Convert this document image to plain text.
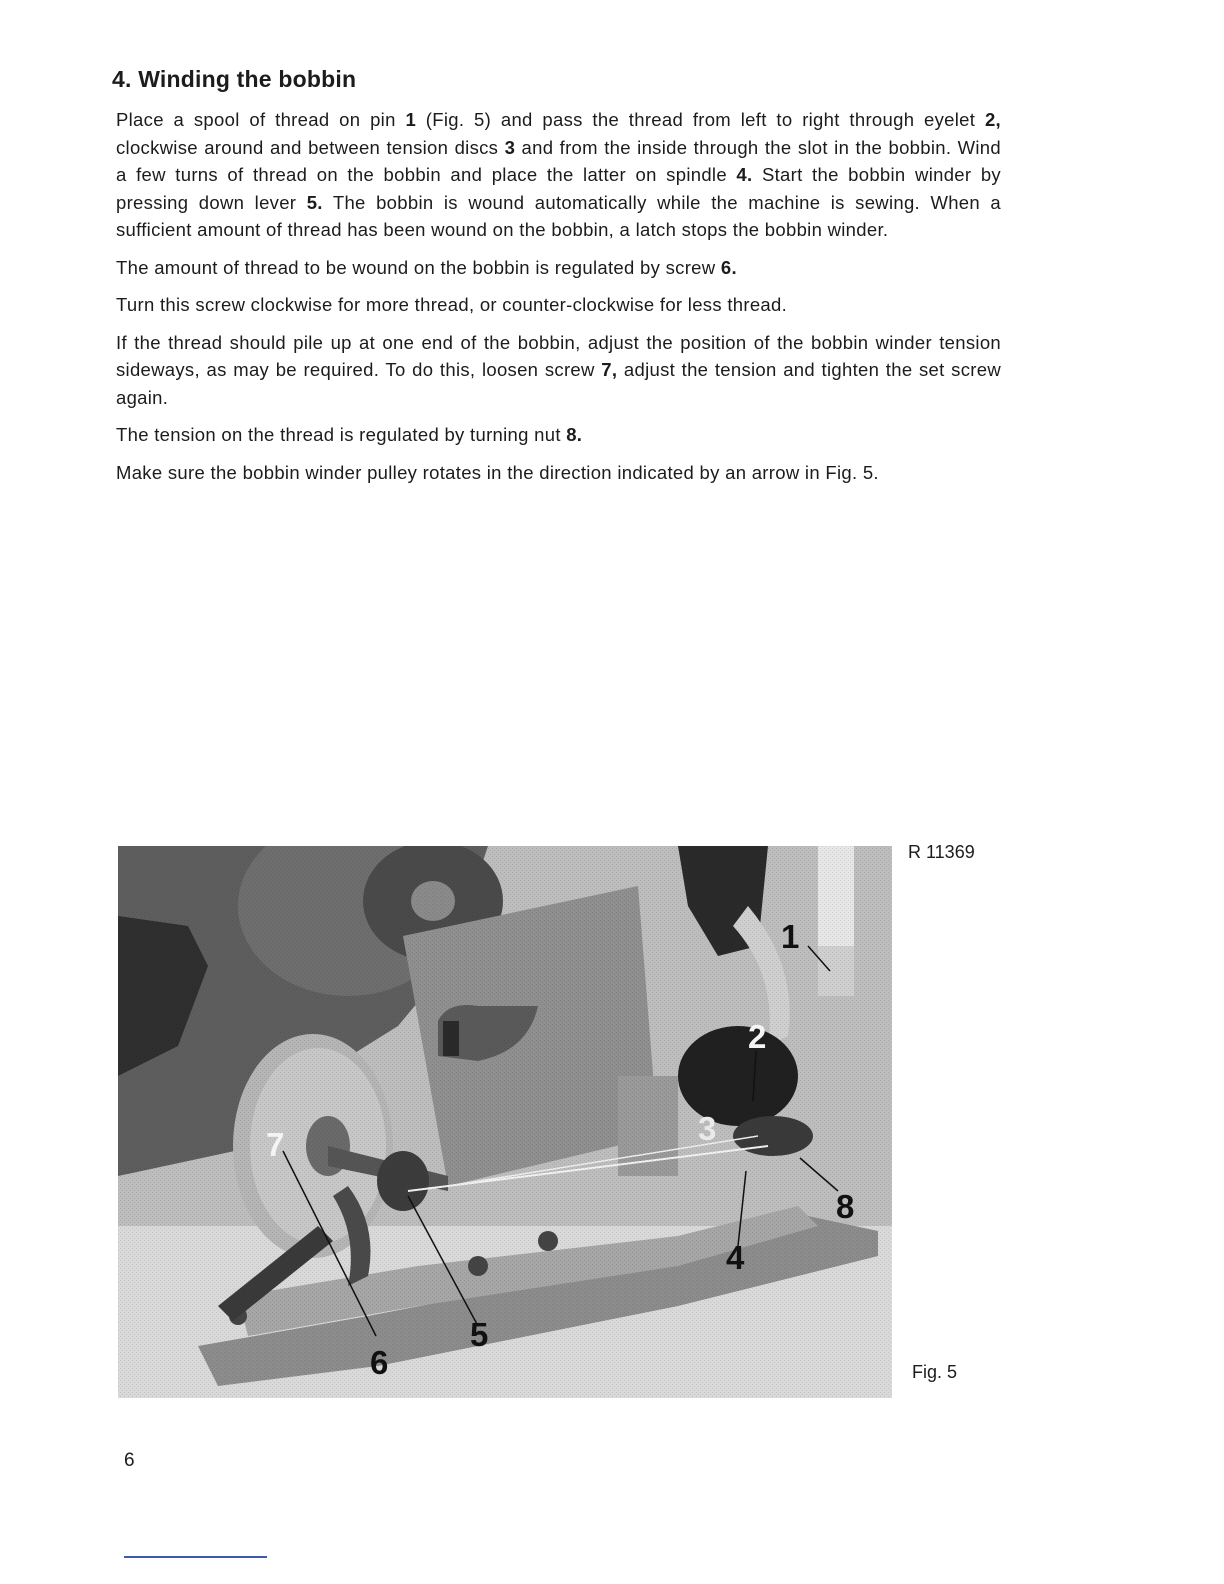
4. Winding the bobbin

Place a spool of thread on pin 1 (Fig. 5) and pass the thread from left to right through eyelet 2, clockwise around and between tension discs 3 and from the inside through the slot in the bobbin. Wind a few turns of thread on the bobbin and place the latter on spindle 4. Start the bobbin winder by pressing down lever 5. The bobbin is wound automatically while the machine is sewing. When a sufficient amount of thread has been wound on the bobbin, a latch stops the bobbin winder.

The amount of thread to be wound on the bobbin is regulated by screw 6.

Turn this screw clockwise for more thread, or counter-clockwise for less thread.

If the thread should pile up at one end of the bobbin, adjust the position of the bobbin winder tension sideways, as may be required. To do this, loosen screw 7, adjust the tension and tighten the set screw again.

The tension on the thread is regulated by turning nut 8.

Make sure the bobbin winder pulley rotates in the direction indicated by an arrow in Fig. 5.

1
2
3
4
5
6
7
8
R 11369
Fig. 5
6
